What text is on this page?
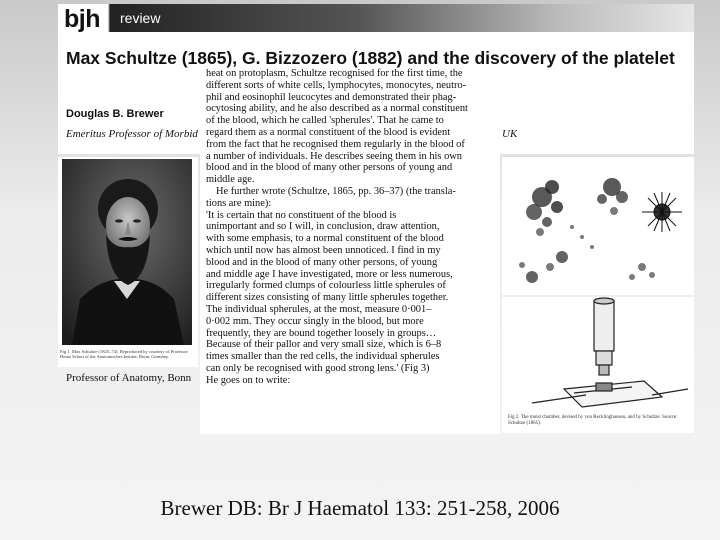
bjh review
Max Schultze (1865), G. Bizzozero (1882) and the discovery of the platelet
Douglas B. Brewer
Emeritus Professor of Morbid	UK

heat on protoplasm, Schultze recognised for the first time, the

different sorts of white cells, lymphocytes, monocytes, neutro-

phil and eosinophil leucocytes and demonstrated their phag-

ocytosing ability, and he also described as a normal constituent

of the blood, which he called 'spherules'. That he came to

regard them as a normal constituent of the blood is evident

from the fact that he recognised them regularly in the blood of

a number of individuals. He describes seeing them in his own

blood and in the blood of many other persons of young and

middle age.

He further wrote (Schultze, 1865, pp. 36–37) (the transla-

tions are mine):

'It is certain that no constituent of the blood is

unimportant and so I will, in conclusion, draw attention,

with some emphasis, to a normal constituent of the blood

which until now has almost been unnoticed. I find in my

blood and in the blood of many other persons, of young

and middle age I have investigated, more or less numerous,

irregularly formed clumps of colourless little spherules of

different sizes consisting of many little spherules together.

The individual spherules, at the most, measure 0·001–

0·002 mm. They occur singly in the blood, but more

frequently, they are bound together loosely in groups…

Because of their pallor and very small size, which is 6–8

times smaller than the red cells, the individual spherules

can only be recognised with good strong lens.' (Fig 3)

He goes on to write:

Fig 1. Max Schultze (1825–74). Reproduced by courtesy of Professor Heinz Schott of the Anatomisches Institut, Bonn, Germany.
Professor of Anatomy, Bonn
Fig 2. The moist chamber, devised by von Recklinghausen, and by Schultze. Source: Schultze (1865).
Brewer DB: Br J Haematol 133: 251-258, 2006
